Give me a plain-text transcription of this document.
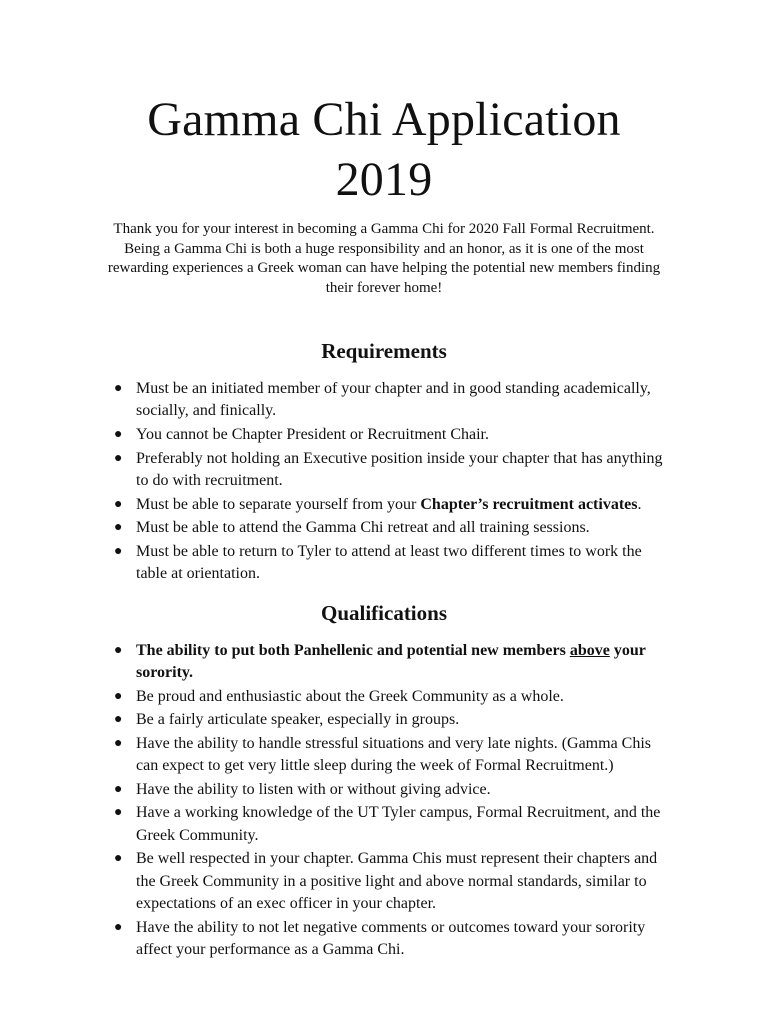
Gamma Chi Application 2019

Thank you for your interest in becoming a Gamma Chi for 2020 Fall Formal Recruitment. Being a Gamma Chi is both a huge responsibility and an honor, as it is one of the most rewarding experiences a Greek woman can have helping the potential new members finding their forever home!

Requirements
● Must be an initiated member of your chapter and in good standing academically, socially, and finically.
● You cannot be Chapter President or Recruitment Chair.
● Preferably not holding an Executive position inside your chapter that has anything to do with recruitment.
● Must be able to separate yourself from your Chapter’s recruitment activates.
● Must be able to attend the Gamma Chi retreat and all training sessions.
● Must be able to return to Tyler to attend at least two different times to work the table at orientation.
Qualifications
● The ability to put both Panhellenic and potential new members above your sorority.
● Be proud and enthusiastic about the Greek Community as a whole.
● Be a fairly articulate speaker, especially in groups.
● Have the ability to handle stressful situations and very late nights. (Gamma Chis can expect to get very little sleep during the week of Formal Recruitment.)
● Have the ability to listen with or without giving advice.
● Have a working knowledge of the UT Tyler campus, Formal Recruitment, and the Greek Community.
● Be well respected in your chapter. Gamma Chis must represent their chapters and the Greek Community in a positive light and above normal standards, similar to expectations of an exec officer in your chapter.
● Have the ability to not let negative comments or outcomes toward your sorority affect your performance as a Gamma Chi.
